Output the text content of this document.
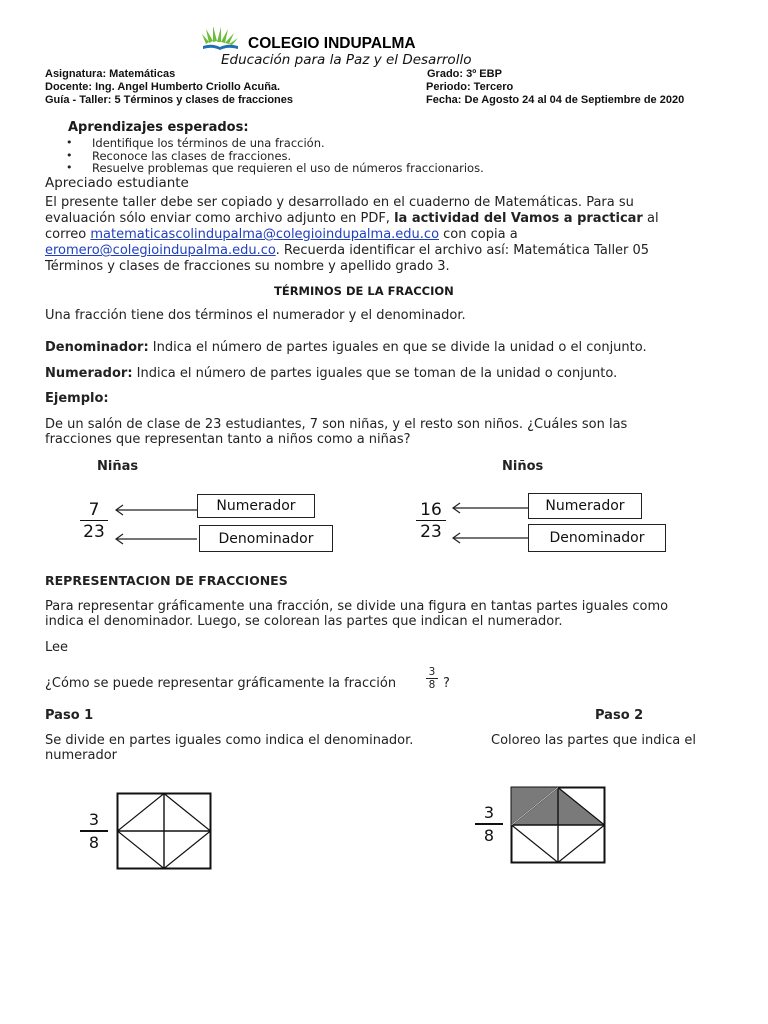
COLEGIO INDUPALMA
Educación para la Paz y el Desarrollo
Asignatura: Matemáticas
Docente: Ing. Angel Humberto Criollo Acuña.
Guía - Taller: 5 Términos y clases de fracciones
Grado: 3º EBP
Periodo: Tercero
Fecha: De Agosto 24 al 04 de Septiembre de 2020
Aprendizajes esperados:
• Identifique los términos de una fracción.
• Reconoce las clases de fracciones.
• Resuelve problemas que requieren el uso de números fraccionarios.
Apreciado estudiante
El presente taller debe ser copiado y desarrollado en el cuaderno de Matemáticas. Para su
evaluación sólo enviar como archivo adjunto en PDF, la actividad del Vamos a practicar al
correo matematicascolindupalma@colegioindupalma.edu.co con copia a
eromero@colegioindupalma.edu.co. Recuerda identificar el archivo así: Matemática Taller 05
Términos y clases de fracciones su nombre y apellido grado 3.
TÉRMINOS DE LA FRACCION
Una fracción tiene dos términos el numerador y el denominador.
Denominador: Indica el número de partes iguales en que se divide la unidad o el conjunto.
Numerador: Indica el número de partes iguales que se toman de la unidad o conjunto.
Ejemplo:
De un salón de clase de 23 estudiantes, 7 son niñas, y el resto son niños. ¿Cuáles son las
fracciones que representan tanto a niños como a niñas?
Niñas	Niños
$\frac{7}{23}$	Numerador
Denominador	$\frac{16}{23}$	Numerador
Denominador
REPRESENTACION DE FRACCIONES
Para representar gráficamente una fracción, se divide una figura en tantas partes iguales como
indica el denominador. Luego, se colorean las partes que indican el numerador.
Lee
¿Cómo se puede representar gráficamente la fracción
3
8 ?
Paso 1	Paso 2
Se divide en partes iguales como indica el denominador.
numerador
Coloreo las partes que indica el
$\frac{3}{8}$	$\frac{3}{8}$
